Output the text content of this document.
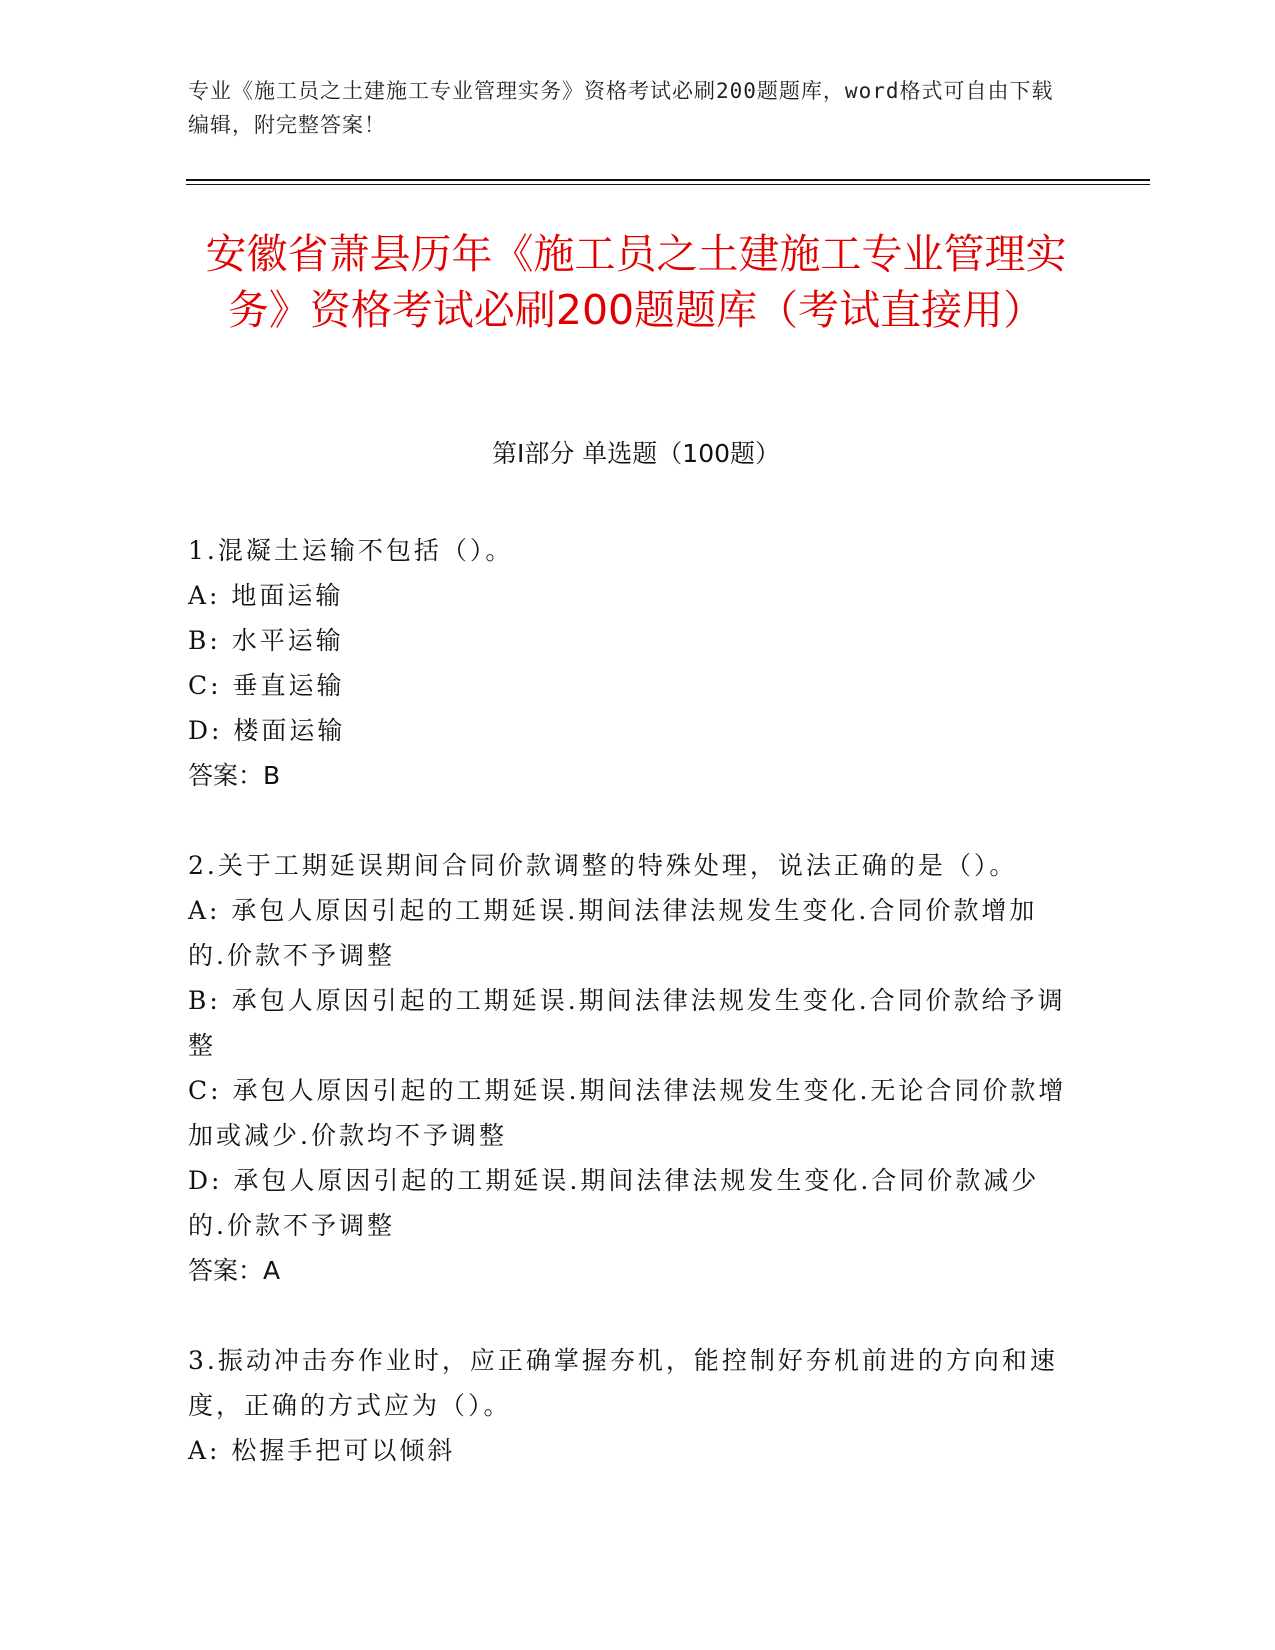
专业《施工员之土建施工专业管理实务》资格考试必刷200题题库，word格式可自由下载编辑，附完整答案！
安徽省萧县历年《施工员之土建施工专业管理实务》资格考试必刷200题题库（考试直接用）
第I部分 单选题（100题）
1.混凝土运输不包括（）。
A: 地面运输
B: 水平运输
C: 垂直运输
D: 楼面运输
答案：B
2.关于工期延误期间合同价款调整的特殊处理，说法正确的是（）。
A: 承包人原因引起的工期延误.期间法律法规发生变化.合同价款增加的.价款不予调整
B: 承包人原因引起的工期延误.期间法律法规发生变化.合同价款给予调整
C: 承包人原因引起的工期延误.期间法律法规发生变化.无论合同价款增加或减少.价款均不予调整
D: 承包人原因引起的工期延误.期间法律法规发生变化.合同价款减少的.价款不予调整
答案：A
3.振动冲击夯作业时，应正确掌握夯机，能控制好夯机前进的方向和速度，正确的方式应为（）。
A: 松握手把可以倾斜
